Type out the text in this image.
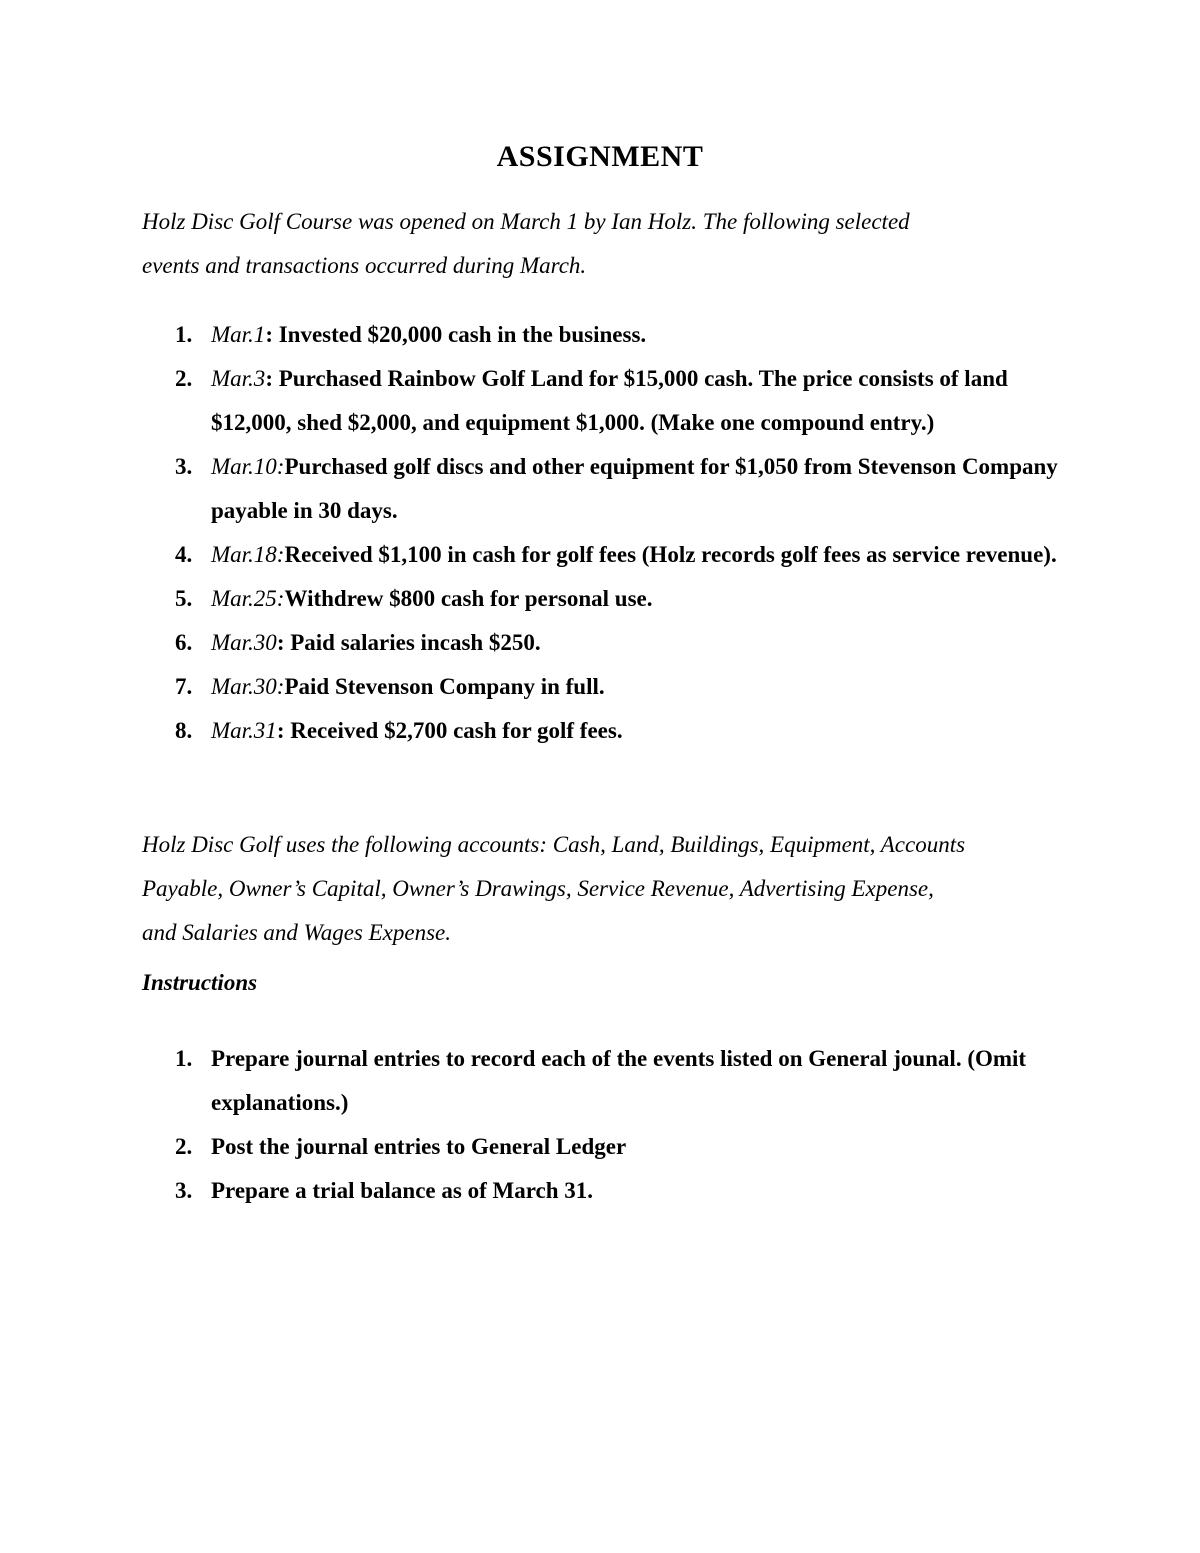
ASSIGNMENT

Holz Disc Golf Course was opened on March 1 by Ian Holz. The following selected

events and transactions occurred during March.

1. Mar.1: Invested $20,000 cash in the business.
2. Mar.3: Purchased Rainbow Golf Land for $15,000 cash. The price consists of land $12,000, shed $2,000, and equipment $1,000. (Make one compound entry.)
3. Mar.10:Purchased golf discs and other equipment for $1,050 from Stevenson Company payable in 30 days.
4. Mar.18:Received $1,100 in cash for golf fees (Holz records golf fees as service revenue).
5. Mar.25:Withdrew $800 cash for personal use.
6. Mar.30: Paid salaries incash $250.
7. Mar.30:Paid Stevenson Company in full.
8. Mar.31: Received $2,700 cash for golf fees.

Holz Disc Golf uses the following accounts: Cash, Land, Buildings, Equipment, Accounts

Payable, Owner’s Capital, Owner’s Drawings, Service Revenue, Advertising Expense,

and Salaries and Wages Expense.

Instructions
1. Prepare journal entries to record each of the events listed on General jounal. (Omit explanations.)
2. Post the journal entries to General Ledger
3. Prepare a trial balance as of March 31.
